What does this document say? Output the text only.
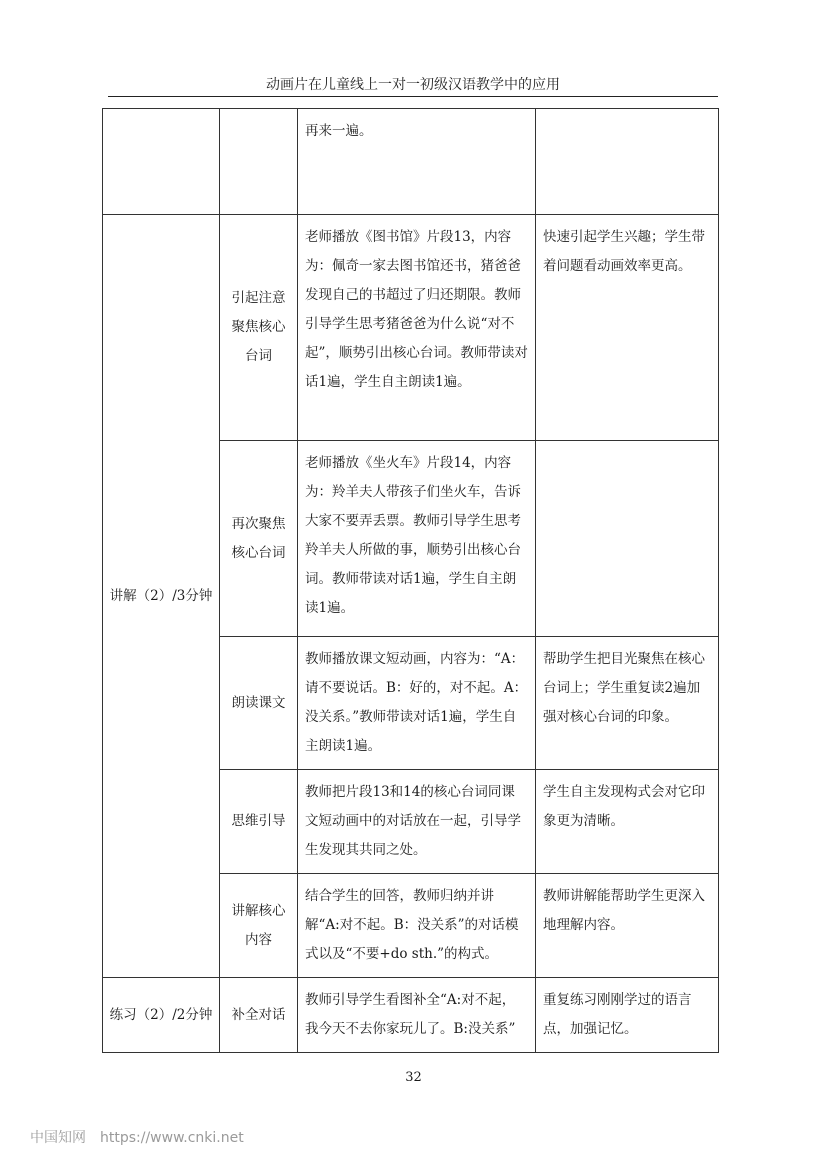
动画片在儿童线上一对一初级汉语教学中的应用
		再来一遍。	
讲解（2）/3分钟	引起注意聚焦核心台词	老师播放《图书馆》片段13，内容为：佩奇一家去图书馆还书，猪爸爸发现自己的书超过了归还期限。教师引导学生思考猪爸爸为什么说“对不起”，顺势引出核心台词。教师带读对话1遍，学生自主朗读1遍。	快速引起学生兴趣；学生带着问题看动画效率更高。
	再次聚焦核心台词	老师播放《坐火车》片段14，内容为：羚羊夫人带孩子们坐火车，告诉大家不要弄丢票。教师引导学生思考羚羊夫人所做的事，顺势引出核心台词。教师带读对话1遍，学生自主朗读1遍。	
	朗读课文	教师播放课文短动画，内容为：“A：请不要说话。B：好的，对不起。A：没关系。”教师带读对话1遍，学生自主朗读1遍。	帮助学生把目光聚焦在核心台词上；学生重复读2遍加强对核心台词的印象。
	思维引导	教师把片段13和14的核心台词同课文短动画中的对话放在一起，引导学生发现其共同之处。	学生自主发现构式会对它印象更为清晰。
	讲解核心内容	结合学生的回答，教师归纳并讲解“A:对不起。B：没关系”的对话模式以及“不要+do sth.”的构式。	教师讲解能帮助学生更深入地理解内容。
练习（2）/2分钟	补全对话	教师引导学生看图补全“A:对不起，我今天不去你家玩儿了。B:没关系”	重复练习刚刚学过的语言点，加强记忆。
32
中国知网 https://www.cnki.net
